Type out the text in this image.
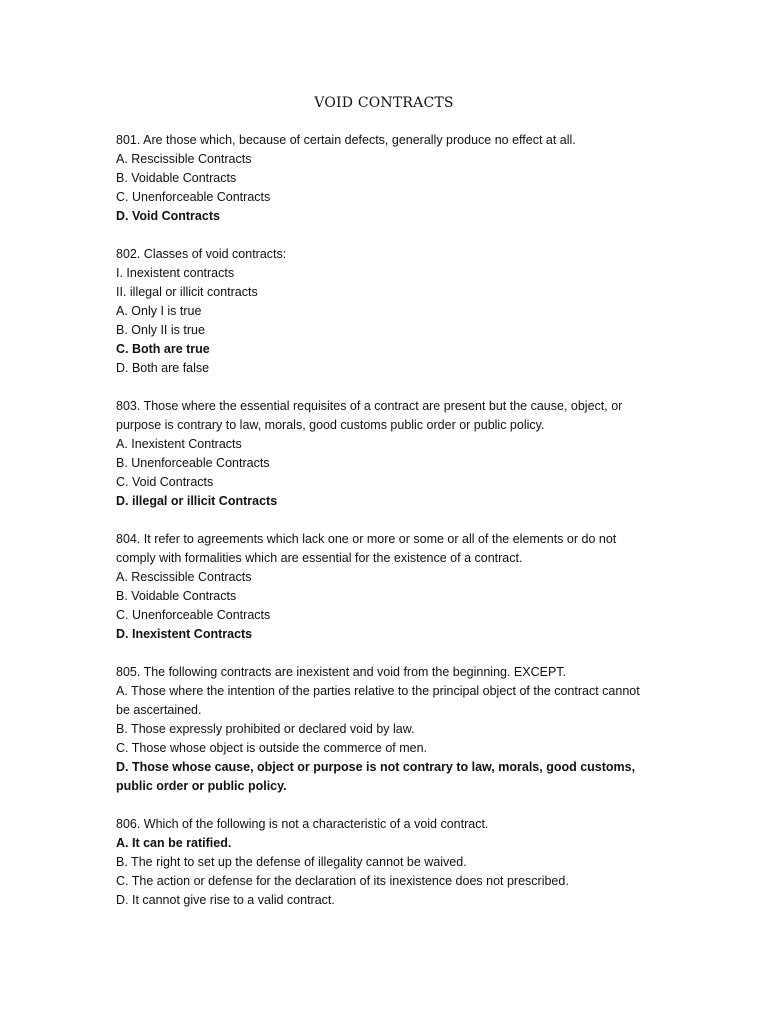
VOID CONTRACTS
801. Are those which, because of certain defects, generally produce no effect at all.
A. Rescissible Contracts
B. Voidable Contracts
C. Unenforceable Contracts
D. Void Contracts
802. Classes of void contracts:
I. Inexistent contracts
II. illegal or illicit contracts
A. Only I is true
B. Only II is true
C. Both are true
D. Both are false
803. Those where the essential requisites of a contract are present but the cause, object, or purpose is contrary to law, morals, good customs public order or public policy.
A. Inexistent Contracts
B. Unenforceable Contracts
C. Void Contracts
D. illegal or illicit Contracts
804. It refer to agreements which lack one or more or some or all of the elements or do not comply with formalities which are essential for the existence of a contract.
A. Rescissible Contracts
B. Voidable Contracts
C. Unenforceable Contracts
D. Inexistent Contracts
805. The following contracts are inexistent and void from the beginning. EXCEPT.
A. Those where the intention of the parties relative to the principal object of the contract cannot be ascertained.
B. Those expressly prohibited or declared void by law.
C. Those whose object is outside the commerce of men.
D. Those whose cause, object or purpose is not contrary to law, morals, good customs, public order or public policy.
806. Which of the following is not a characteristic of a void contract.
A. It can be ratified.
B. The right to set up the defense of illegality cannot be waived.
C. The action or defense for the declaration of its inexistence does not prescribed.
D. It cannot give rise to a valid contract.
